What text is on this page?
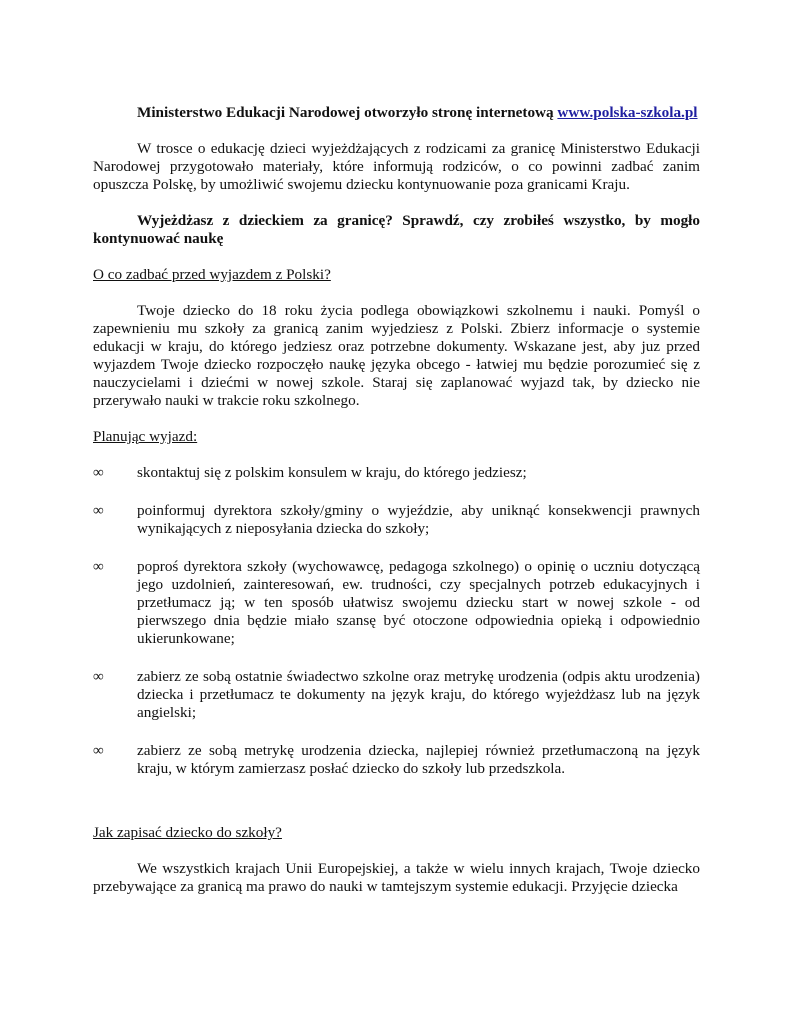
Ministerstwo Edukacji Narodowej otworzyło stronę internetową www.polska-szkola.pl

W trosce o edukację dzieci wyjeżdżających z rodzicami za granicę Ministerstwo Edukacji Narodowej przygotowało materiały, które informują rodziców, o co powinni zadbać zanim opuszcza Polskę, by umożliwić swojemu dziecku kontynuowanie poza granicami Kraju.

Wyjeżdżasz z dzieckiem za granicę? Sprawdź, czy zrobiłeś wszystko, by mogło kontynuować naukę

O co zadbać przed wyjazdem z Polski?

Twoje dziecko do 18 roku życia podlega obowiązkowi szkolnemu i nauki. Pomyśl o zapewnieniu mu szkoły za granicą zanim wyjedziesz z Polski. Zbierz informacje o systemie edukacji w kraju, do którego jedziesz oraz potrzebne dokumenty. Wskazane jest, aby juz przed wyjazdem Twoje dziecko rozpoczęło naukę języka obcego - łatwiej mu będzie porozumieć się z nauczycielami i dziećmi w nowej szkole. Staraj się zaplanować wyjazd tak, by dziecko nie przerywało nauki w trakcie roku szkolnego.

Planując wyjazd:

∞ skontaktuj się z polskim konsulem w kraju, do którego jedziesz;
∞ poinformuj dyrektora szkoły/gminy o wyjeździe, aby uniknąć konsekwencji prawnych wynikających z nieposyłania dziecka do szkoły;
∞ poproś dyrektora szkoły (wychowawcę, pedagoga szkolnego) o opinię o uczniu dotyczącą jego uzdolnień, zainteresowań, ew. trudności, czy specjalnych potrzeb edukacyjnych i przetłumacz ją; w ten sposób ułatwisz swojemu dziecku start w nowej szkole - od pierwszego dnia będzie miało szansę być otoczone odpowiednia opieką i odpowiednio ukierunkowane;
∞ zabierz ze sobą ostatnie świadectwo szkolne oraz metrykę urodzenia (odpis aktu urodzenia) dziecka i przetłumacz te dokumenty na język kraju, do którego wyjeżdżasz lub na język angielski;
∞ zabierz ze sobą metrykę urodzenia dziecka, najlepiej również przetłumaczoną na język kraju, w którym zamierzasz posłać dziecko do szkoły lub przedszkola.

Jak zapisać dziecko do szkoły?

We wszystkich krajach Unii Europejskiej, a także w wielu innych krajach, Twoje dziecko przebywające za granicą ma prawo do nauki w tamtejszym systemie edukacji. Przyjęcie dziecka
